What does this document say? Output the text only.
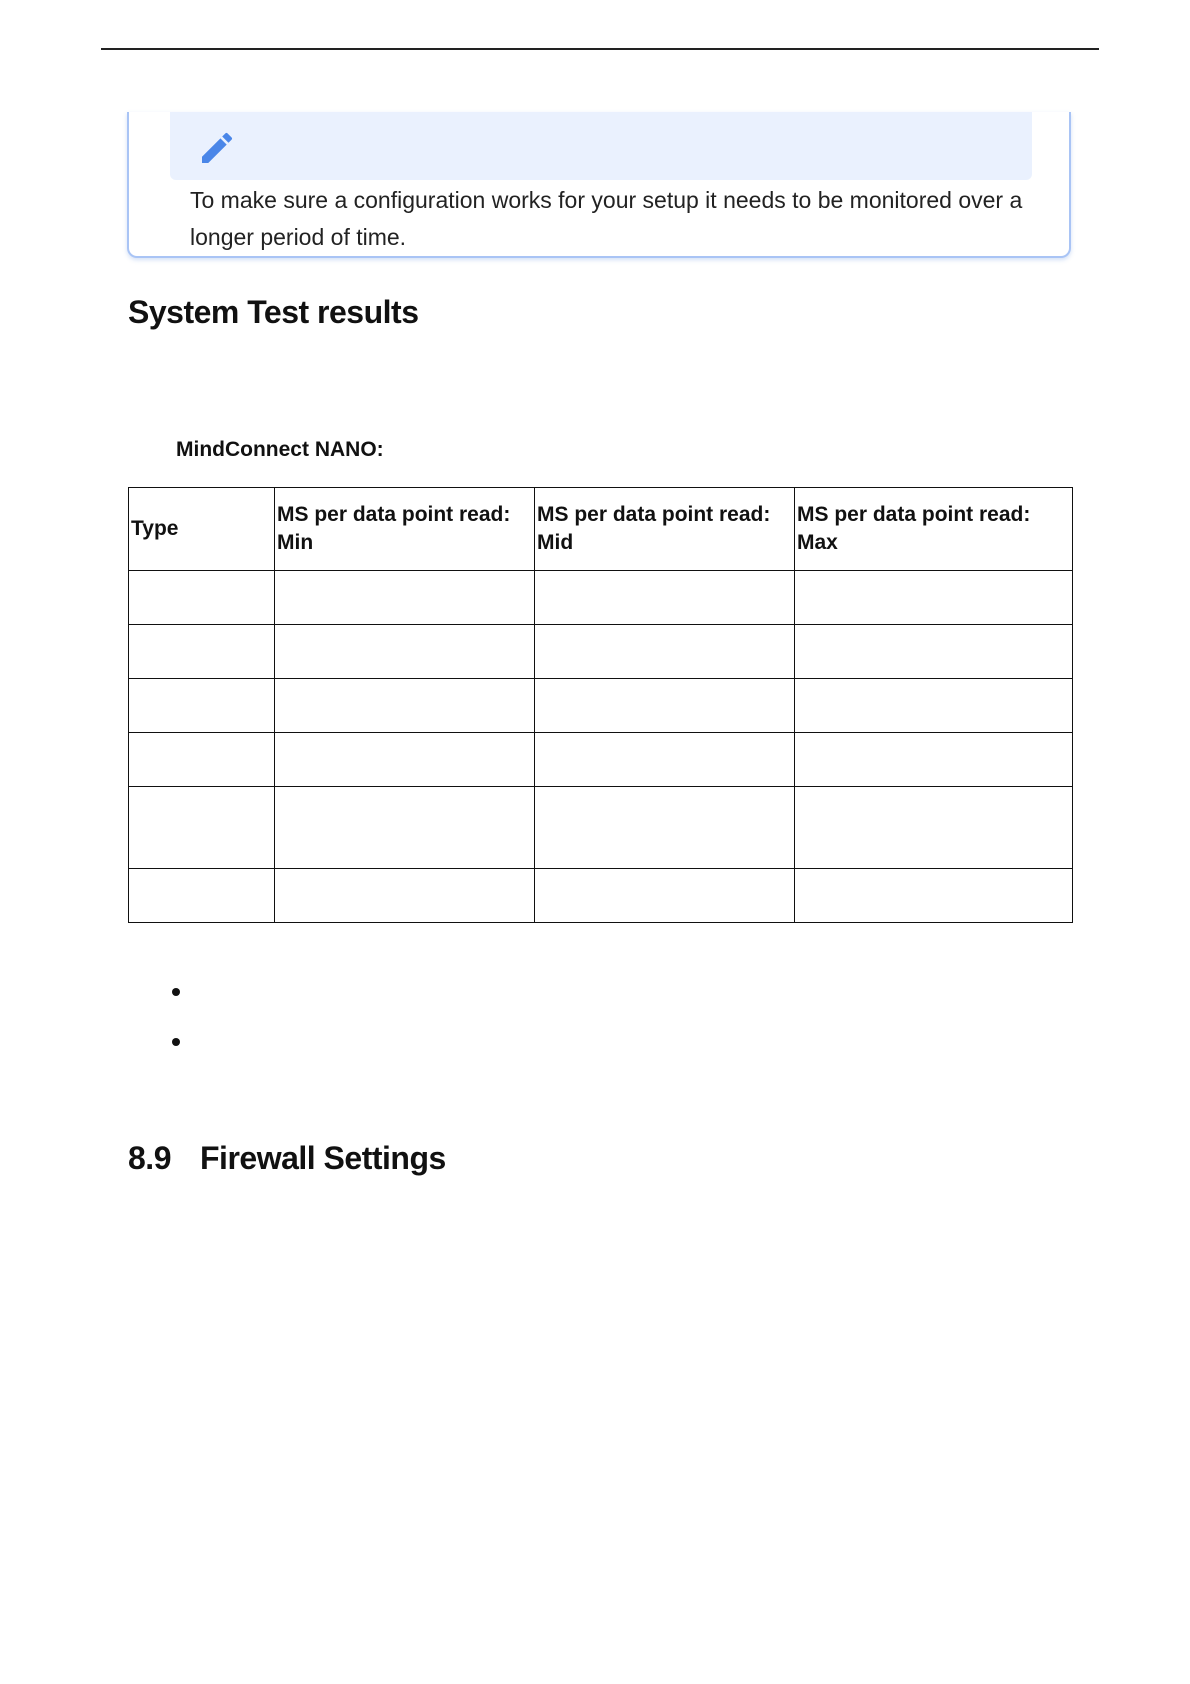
To make sure a configuration works for your setup it needs to be monitored over a longer period of time.
System Test results
MindConnect NANO:
Type	MS per data point read: Min	MS per data point read: Mid	MS per data point read: Max

8.9 Firewall Settings
